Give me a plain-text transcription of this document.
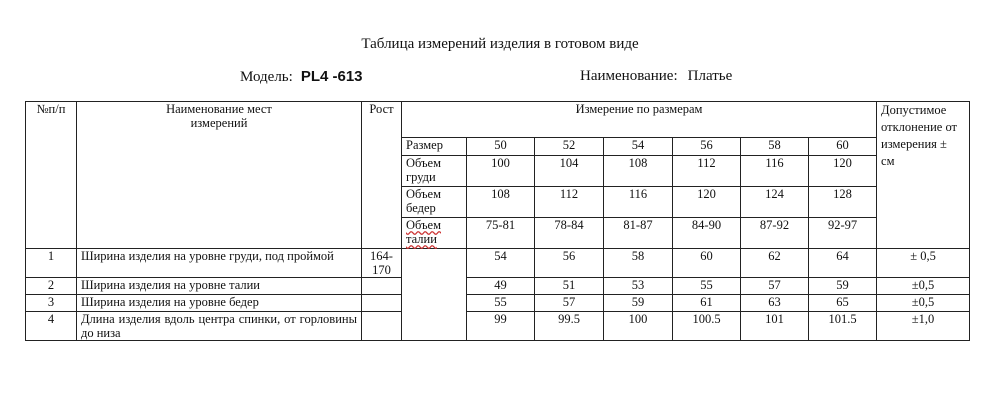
Таблица измерений изделия в готовом виде
Модель: PL4 -613	Наименование: Платье
№п/п	Наименование мест измерений	Рост	Измерение по размерам							Допустимое отклонение от измерения ± см

			Размер	50	52	54	56	58	60	

			Объем груди	100	104	108	112	116	120	

			Объем бедер	108	112	116	120	124	128	

			Объем талии	75-81	78-84	81-87	84-90	87-92	92-97	
1	Ширина изделия на уровне груди, под проймой	164-170		54	56	58	60	62	64	± 0,5
2	Ширина изделия на уровне талии			49	51	53	55	57	59	±0,5
3	Ширина изделия на уровне бедер			55	57	59	61	63	65	±0,5
4	Длина изделия вдоль центра спинки, от горловины до низа			99	99.5	100	100.5	101	101.5	±1,0
